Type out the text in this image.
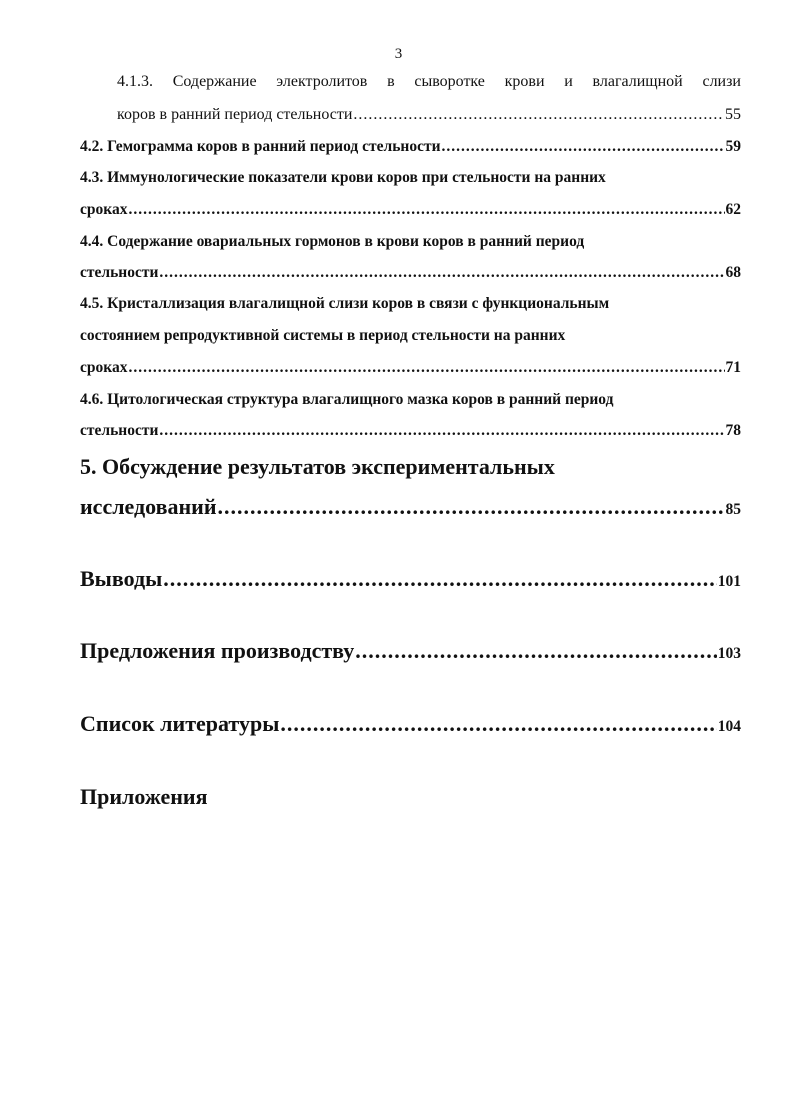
3
4.1.3. Содержание электролитов в сыворотке крови и влагалищной слизи
коров в ранний период стельности .....	55
4.2. Гемограмма коров в ранний период стельности .....	59
4.3. Иммунологические показатели крови коров при стельности на ранних
сроках .....	62
4.4. Содержание овариальных гормонов в крови коров в ранний период
стельности .....	68
4.5. Кристаллизация влагалищной слизи коров в связи с функциональным
состоянием репродуктивной системы в период стельности на ранних
сроках .....	71
4.6. Цитологическая структура влагалищного мазка коров в ранний период
стельности .....	78
5. Обсуждение результатов экспериментальных
исследований .....	85
Выводы .....	101
Предложения производству .....	103
Список литературы .....	104
Приложения
